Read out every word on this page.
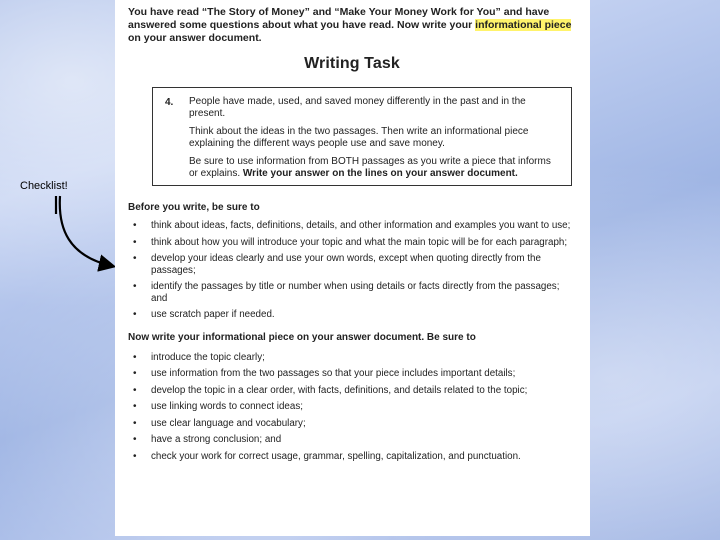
Checklist!
You have read “The Story of Money” and “Make Your Money Work for You” and have answered some questions about what you have read. Now write your informational piece on your answer document.
Writing Task
4. People have made, used, and saved money differently in the past and in the present.

Think about the ideas in the two passages. Then write an informational piece explaining the different ways people use and save money.

Be sure to use information from BOTH passages as you write a piece that informs or explains. Write your answer on the lines on your answer document.

Before you write, be sure to
• think about ideas, facts, definitions, details, and other information and examples you want to use;
• think about how you will introduce your topic and what the main topic will be for each paragraph;
• develop your ideas clearly and use your own words, except when quoting directly from the passages;
• identify the passages by title or number when using details or facts directly from the passages; and
• use scratch paper if needed.
Now write your informational piece on your answer document. Be sure to
• introduce the topic clearly;
• use information from the two passages so that your piece includes important details;
• develop the topic in a clear order, with facts, definitions, and details related to the topic;
• use linking words to connect ideas;
• use clear language and vocabulary;
• have a strong conclusion; and
• check your work for correct usage, grammar, spelling, capitalization, and punctuation.
